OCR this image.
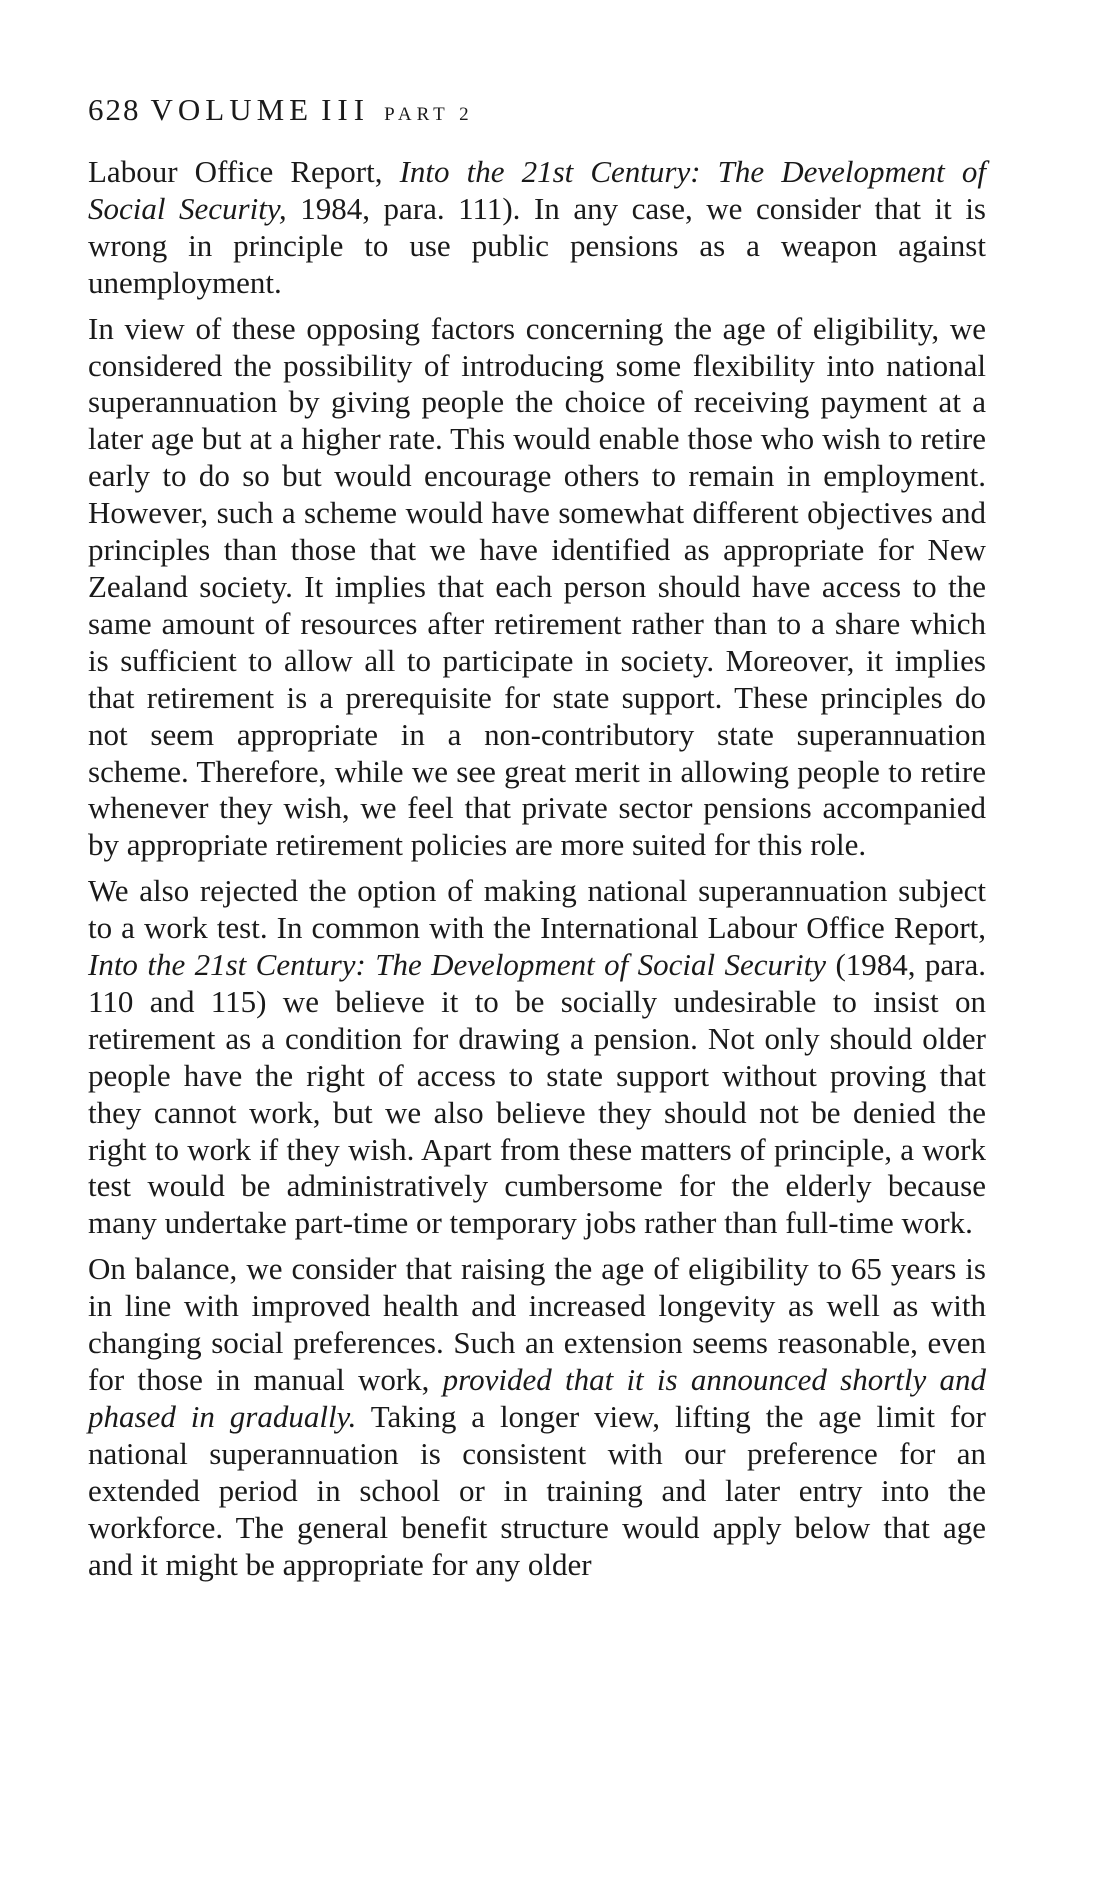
628 VOLUME III PART 2

Labour Office Report, Into the 21st Century: The Development of Social Security, 1984, para. 111). In any case, we consider that it is wrong in principle to use public pensions as a weapon against unemployment.

In view of these opposing factors concerning the age of eligibility, we considered the possibility of introducing some flexibility into national superannuation by giving people the choice of receiving payment at a later age but at a higher rate. This would enable those who wish to retire early to do so but would encourage others to remain in employment. However, such a scheme would have somewhat different objectives and principles than those that we have identified as appropriate for New Zealand society. It implies that each person should have access to the same amount of resources after retirement rather than to a share which is sufficient to allow all to participate in society. Moreover, it implies that retirement is a prerequisite for state support. These principles do not seem appropriate in a non-contributory state superannuation scheme. Therefore, while we see great merit in allowing people to retire whenever they wish, we feel that private sector pensions accompanied by appropriate retirement policies are more suited for this role.

We also rejected the option of making national superannuation subject to a work test. In common with the International Labour Office Report, Into the 21st Century: The Development of Social Security (1984, para. 110 and 115) we believe it to be socially undesirable to insist on retirement as a condition for drawing a pension. Not only should older people have the right of access to state support without proving that they cannot work, but we also believe they should not be denied the right to work if they wish. Apart from these matters of principle, a work test would be administratively cumbersome for the elderly because many undertake part-time or temporary jobs rather than full-time work.

On balance, we consider that raising the age of eligibility to 65 years is in line with improved health and increased longevity as well as with changing social preferences. Such an extension seems reasonable, even for those in manual work, provided that it is announced shortly and phased in gradually. Taking a longer view, lifting the age limit for national superannuation is consistent with our preference for an extended period in school or in training and later entry into the workforce. The general benefit structure would apply below that age and it might be appropriate for any older
